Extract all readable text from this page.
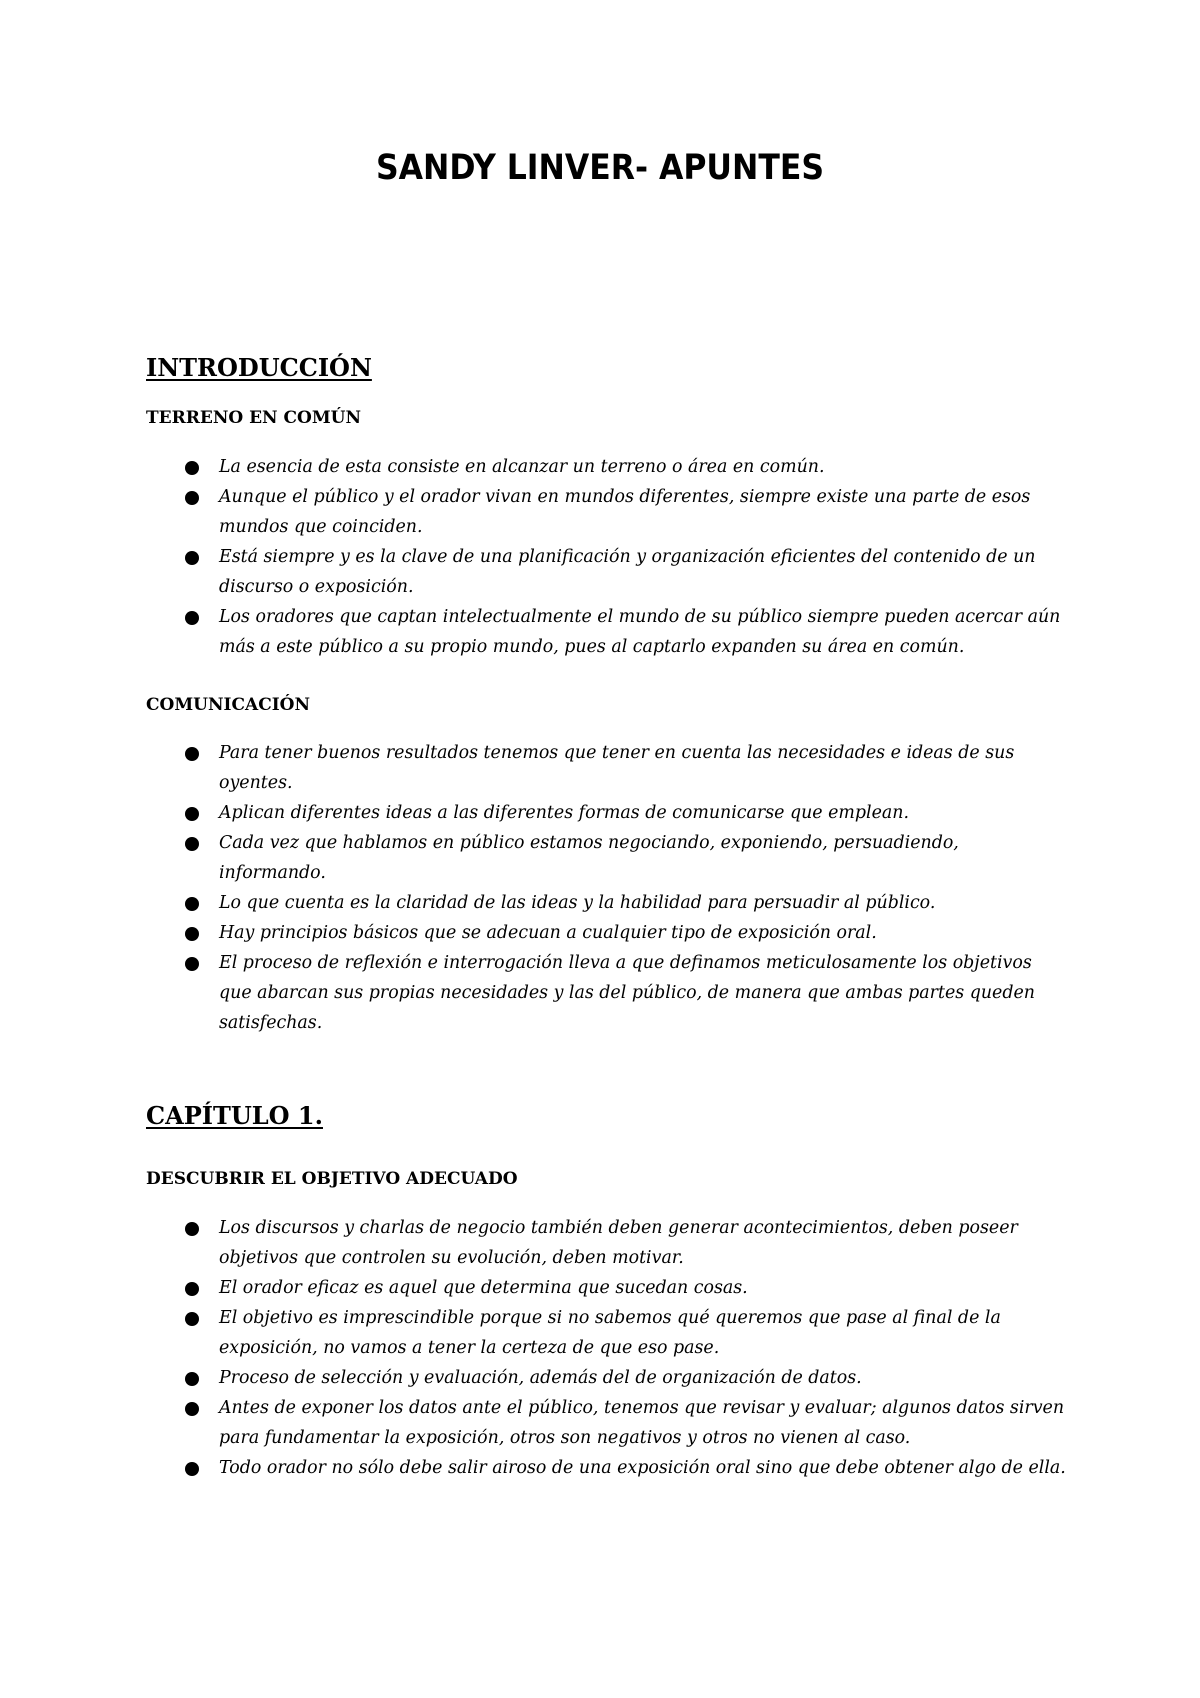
SANDY LINVER- APUNTES
INTRODUCCIÓN
TERRENO EN COMÚN
La esencia de esta consiste en alcanzar un terreno o área en común.
Aunque el público y el orador vivan en mundos diferentes, siempre existe una parte de esos mundos que coinciden.
Está siempre y es la clave de una planificación y organización eficientes del contenido de un discurso o exposición.
Los oradores que captan intelectualmente el mundo de su público siempre pueden acercar aún más a este público a su propio mundo, pues al captarlo expanden su área en común.
COMUNICACIÓN
Para tener buenos resultados tenemos que tener en cuenta las necesidades e ideas de sus oyentes.
Aplican diferentes ideas a las diferentes formas de comunicarse que emplean.
Cada vez que hablamos en público estamos negociando, exponiendo, persuadiendo, informando.
Lo que cuenta es la claridad de las ideas y la habilidad para persuadir al público.
Hay principios básicos que se adecuan a cualquier tipo de exposición oral.
El proceso de reflexión e interrogación lleva a que definamos meticulosamente los objetivos que abarcan sus propias necesidades y las del público, de manera que ambas partes queden satisfechas.
CAPÍTULO 1.
DESCUBRIR EL OBJETIVO ADECUADO
Los discursos y charlas de negocio también deben generar acontecimientos, deben poseer objetivos que controlen su evolución, deben motivar.
El orador eficaz es aquel que determina que sucedan cosas.
El objetivo es imprescindible porque si no sabemos qué queremos que pase al final de la exposición, no vamos a tener la certeza de que eso pase.
Proceso de selección y evaluación, además del de organización de datos.
Antes de exponer los datos ante el público, tenemos que revisar y evaluar; algunos datos sirven para fundamentar la exposición, otros son negativos y otros no vienen al caso.
Todo orador no sólo debe salir airoso de una exposición oral sino que debe obtener algo de ella.
